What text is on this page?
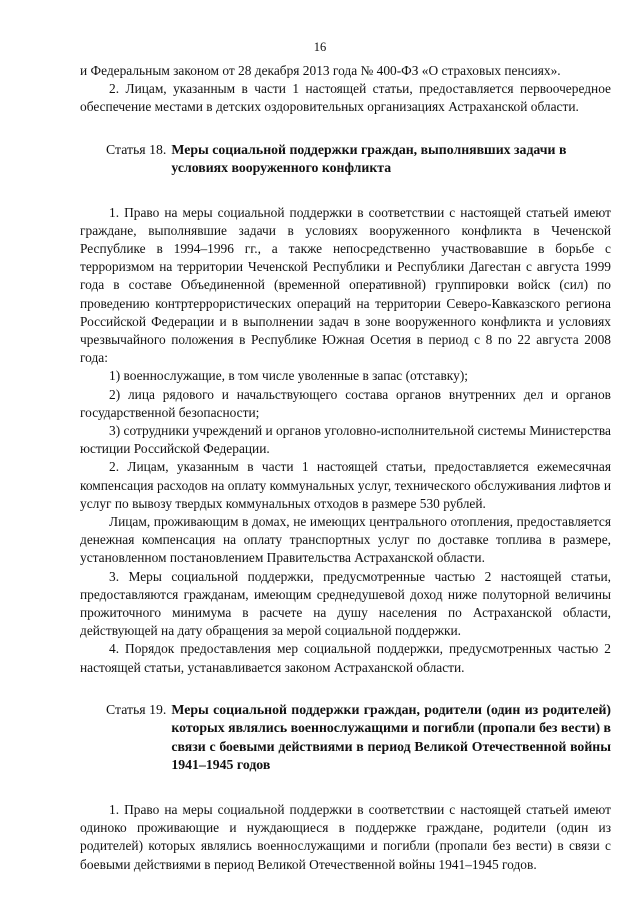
16

и Федеральным законом от 28 декабря 2013 года № 400-ФЗ «О страховых пенсиях».

2. Лицам, указанным в части 1 настоящей статьи, предоставляется первоочередное обеспечение местами в детских оздоровительных организациях Астраханской области.

Статья 18. Меры социальной поддержки граждан, выполнявших задачи в условиях вооруженного конфликта

1. Право на меры социальной поддержки в соответствии с настоящей статьей имеют граждане, выполнявшие задачи в условиях вооруженного конфликта в Чеченской Республике в 1994–1996 гг., а также непосредственно участвовавшие в борьбе с терроризмом на территории Чеченской Республики и Республики Дагестан с августа 1999 года в составе Объединенной (временной оперативной) группировки войск (сил) по проведению контртеррористических операций на территории Северо-Кавказского региона Российской Федерации и в выполнении задач в зоне вооруженного конфликта и условиях чрезвычайного положения в Республике Южная Осетия в период с 8 по 22 августа 2008 года:

1) военнослужащие, в том числе уволенные в запас (отставку);

2) лица рядового и начальствующего состава органов внутренних дел и органов государственной безопасности;

3) сотрудники учреждений и органов уголовно-исполнительной системы Министерства юстиции Российской Федерации.

2. Лицам, указанным в части 1 настоящей статьи, предоставляется ежемесячная компенсация расходов на оплату коммунальных услуг, технического обслуживания лифтов и услуг по вывозу твердых коммунальных отходов в размере 530 рублей.

Лицам, проживающим в домах, не имеющих центрального отопления, предоставляется денежная компенсация на оплату транспортных услуг по доставке топлива в размере, установленном постановлением Правительства Астраханской области.

3. Меры социальной поддержки, предусмотренные частью 2 настоящей статьи, предоставляются гражданам, имеющим среднедушевой доход ниже полуторной величины прожиточного минимума в расчете на душу населения по Астраханской области, действующей на дату обращения за мерой социальной поддержки.

4. Порядок предоставления мер социальной поддержки, предусмотренных частью 2 настоящей статьи, устанавливается законом Астраханской области.

Статья 19. Меры социальной поддержки граждан, родители (один из родителей) которых являлись военнослужащими и погибли (пропали без вести) в связи с боевыми действиями в период Великой Отечественной войны 1941–1945 годов

1. Право на меры социальной поддержки в соответствии с настоящей статьей имеют одиноко проживающие и нуждающиеся в поддержке граждане, родители (один из родителей) которых являлись военнослужащими и погибли (пропали без вести) в связи с боевыми действиями в период Великой Отечественной войны 1941–1945 годов.
